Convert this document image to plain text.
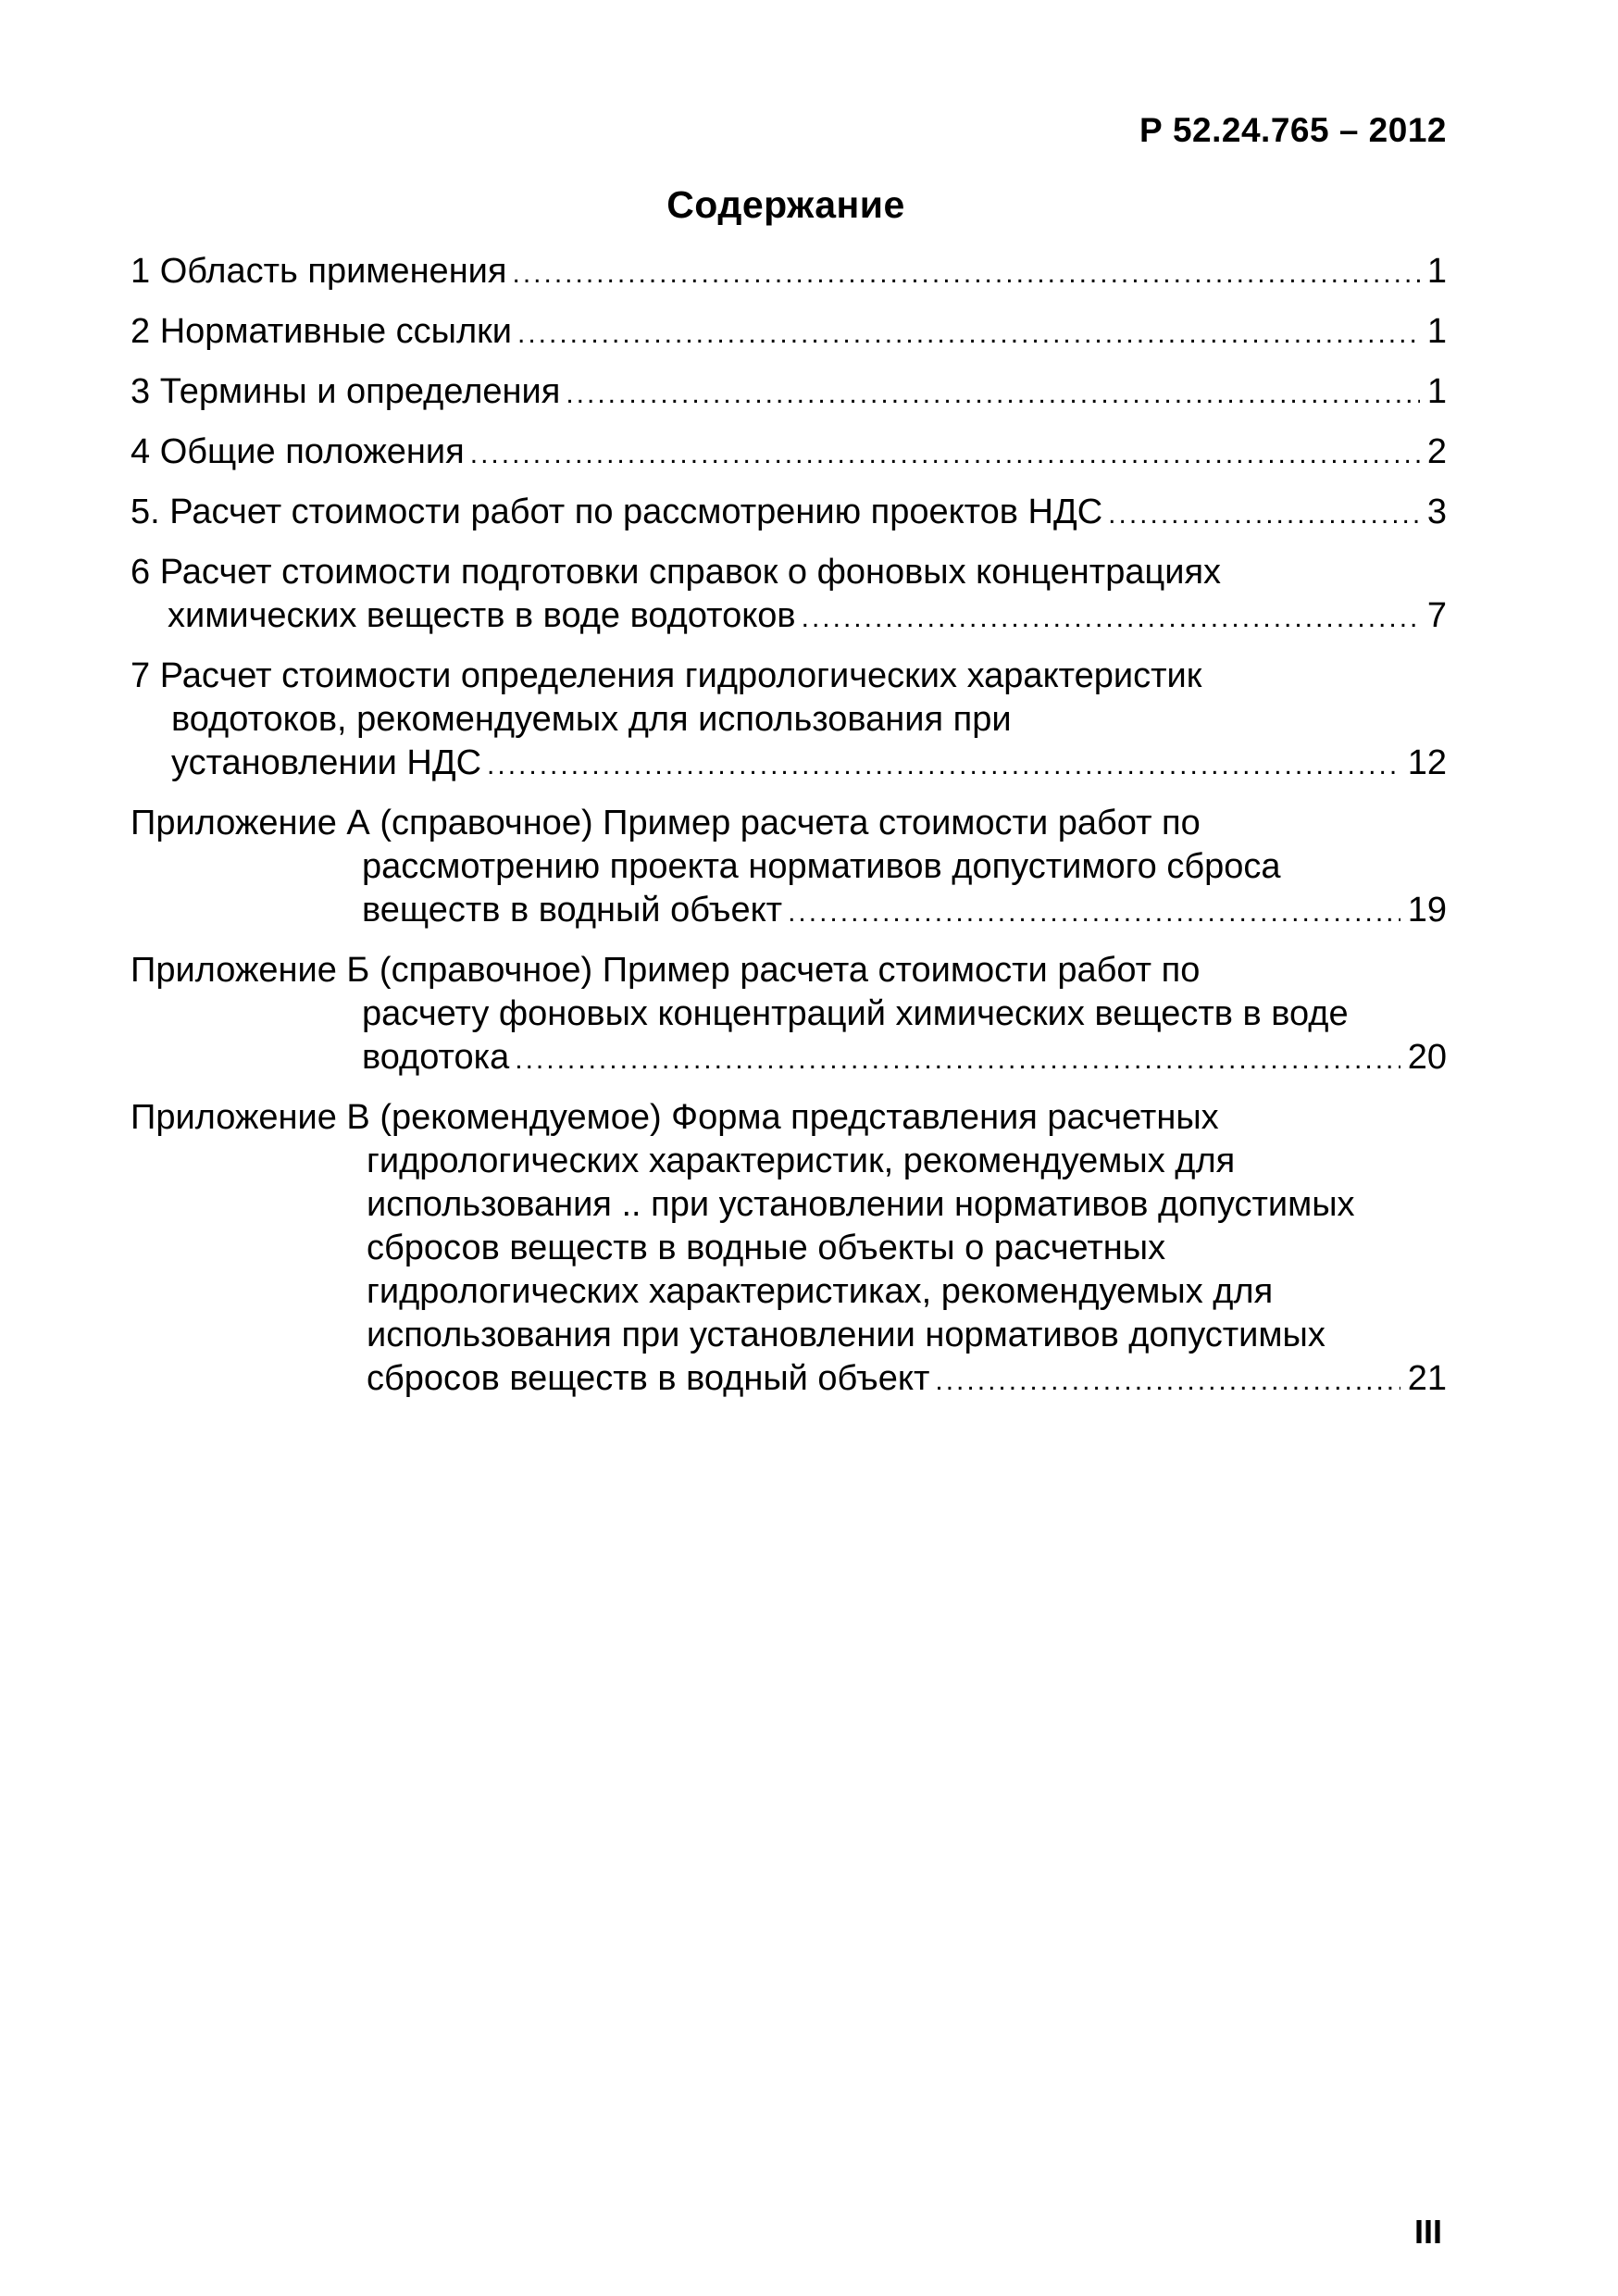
Р 52.24.765 – 2012
Содержание
1 Область применения .....	1
2 Нормативные ссылки .....	1
3 Термины и определения .....	1
4 Общие положения .....	2
5. Расчет стоимости работ по рассмотрению проектов НДС .....	3
6 Расчет стоимости подготовки справок о фоновых концентрациях
химических веществ в воде водотоков .....	7
7 Расчет стоимости определения гидрологических характеристик
водотоков, рекомендуемых для использования при
установлении НДС .....	12
Приложение А (справочное) Пример расчета стоимости работ по
рассмотрению проекта нормативов допустимого сброса
веществ в водный объект .....	19
Приложение Б (справочное) Пример расчета стоимости работ по
расчету фоновых концентраций химических веществ в воде
водотока .....	20
Приложение В (рекомендуемое) Форма представления расчетных
гидрологических характеристик, рекомендуемых для
использования .. при установлении нормативов допустимых
сбросов веществ в водные объекты о расчетных
гидрологических характеристиках, рекомендуемых для
использования при установлении нормативов допустимых
сбросов веществ в водный объект .....	21
III
